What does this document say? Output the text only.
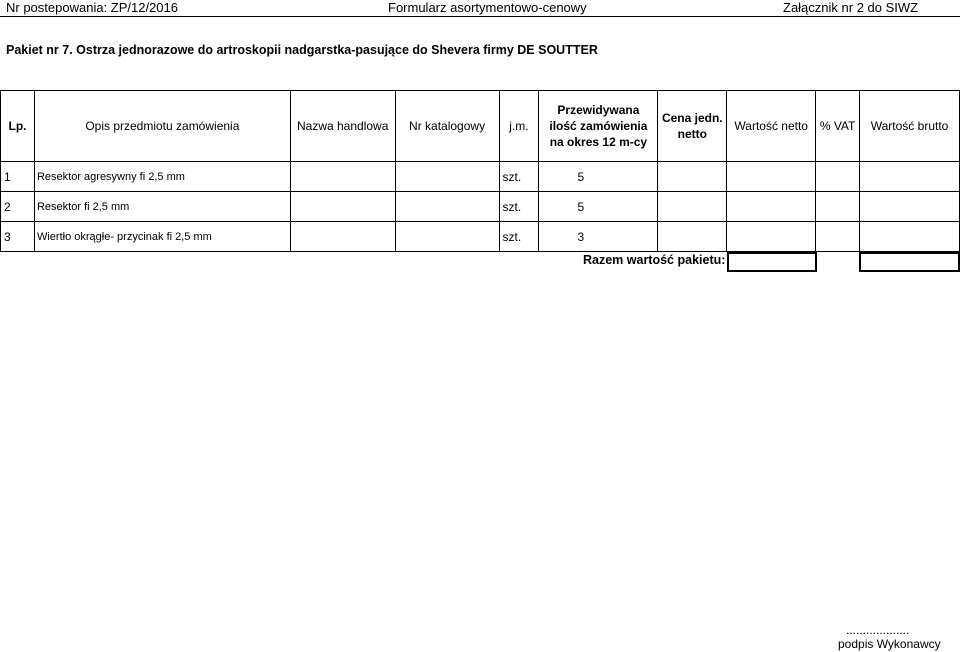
Nr postepowania: ZP/12/2016	Formularz asortymentowo-cenowy	Załącznik nr 2 do SIWZ
Pakiet nr 7. Ostrza jednorazowe do artroskopii nadgarstka-pasujące do Shevera firmy DE SOUTTER
Lp.	Opis przedmiotu zamówienia	Nazwa handlowa	Nr katalogowy	j.m.	Przewidywana ilość zamówienia na okres 12 m-cy	Cena jedn. netto	Wartość netto	% VAT	Wartość brutto
1	Resektor agresywny fi 2,5 mm			szt.	5				
2	Resektor fi 2,5 mm			szt.	5				
3	Wiertło okrągłe- przycinak fi 2,5 mm			szt.	3				
Razem wartość pakietu:
...................
podpis Wykonawcy
